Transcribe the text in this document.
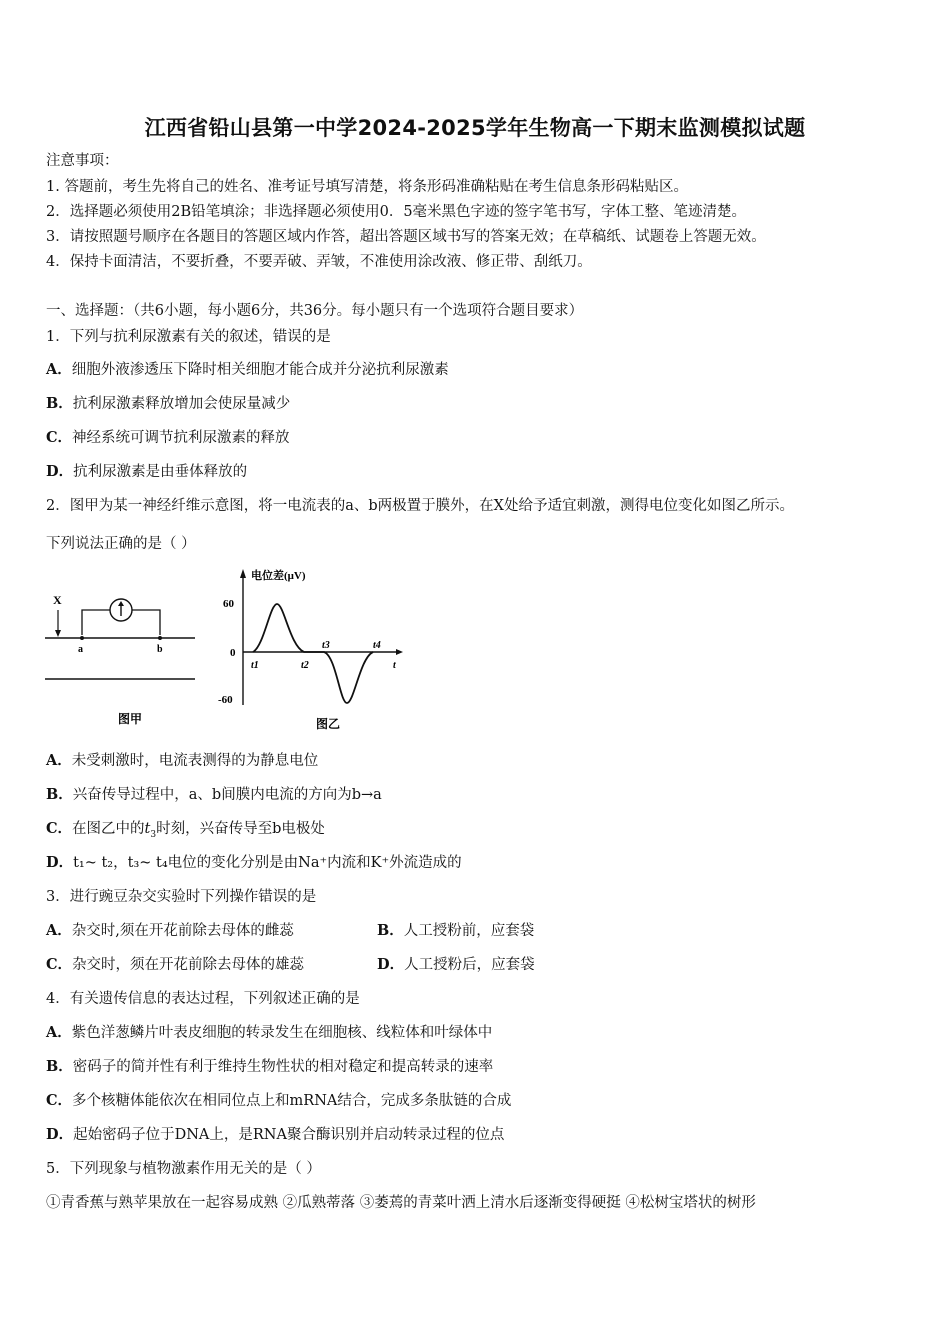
江西省铅山县第一中学2024-2025学年生物高一下期末监测模拟试题
注意事项：
1. 答题前，考生先将自己的姓名、准考证号填写清楚，将条形码准确粘贴在考生信息条形码粘贴区。
2．选择题必须使用2B铅笔填涂；非选择题必须使用0．5毫米黑色字迹的签字笔书写，字体工整、笔迹清楚。
3．请按照题号顺序在各题目的答题区域内作答，超出答题区域书写的答案无效；在草稿纸、试题卷上答题无效。
4．保持卡面清洁，不要折叠，不要弄破、弄皱，不准使用涂改液、修正带、刮纸刀。
一、选择题：（共6小题，每小题6分，共36分。每小题只有一个选项符合题目要求）
1．下列与抗利尿激素有关的叙述，错误的是
A．细胞外液渗透压下降时相关细胞才能合成并分泌抗利尿激素
B．抗利尿激素释放增加会使尿量减少
C．神经系统可调节抗利尿激素的释放
D．抗利尿激素是由垂体释放的
2．图甲为某一神经纤维示意图，将一电流表的a、b两极置于膜外，在X处给予适宜刺激，测得电位变化如图乙所示。
下列说法正确的是（ ）
X
a	b
图甲
电位差(μV)
60
0
-60
t1	t2
t3	t4
t
图乙
A．未受刺激时，电流表测得的为静息电位
B．兴奋传导过程中，a、b间膜内电流的方向为b→a
C．在图乙中的$t_3$时刻，兴奋传导至b电极处
D．t₁~ t₂，t₃~ t₄电位的变化分别是由Na⁺内流和K⁺外流造成的
3．进行豌豆杂交实验时下列操作错误的是
A．杂交时,须在开花前除去母体的雌蕊	B．人工授粉前，应套袋
C．杂交时，须在开花前除去母体的雄蕊	D．人工授粉后，应套袋
4．有关遗传信息的表达过程，下列叙述正确的是
A．紫色洋葱鳞片叶表皮细胞的转录发生在细胞核、线粒体和叶绿体中
B．密码子的简并性有利于维持生物性状的相对稳定和提高转录的速率
C．多个核糖体能依次在相同位点上和mRNA结合，完成多条肽链的合成
D．起始密码子位于DNA上，是RNA聚合酶识别并启动转录过程的位点
5．下列现象与植物激素作用无关的是（ ）
①青香蕉与熟苹果放在一起容易成熟 ②瓜熟蒂落 ③萎蔫的青菜叶洒上清水后逐渐变得硬挺 ④松树宝塔状的树形
